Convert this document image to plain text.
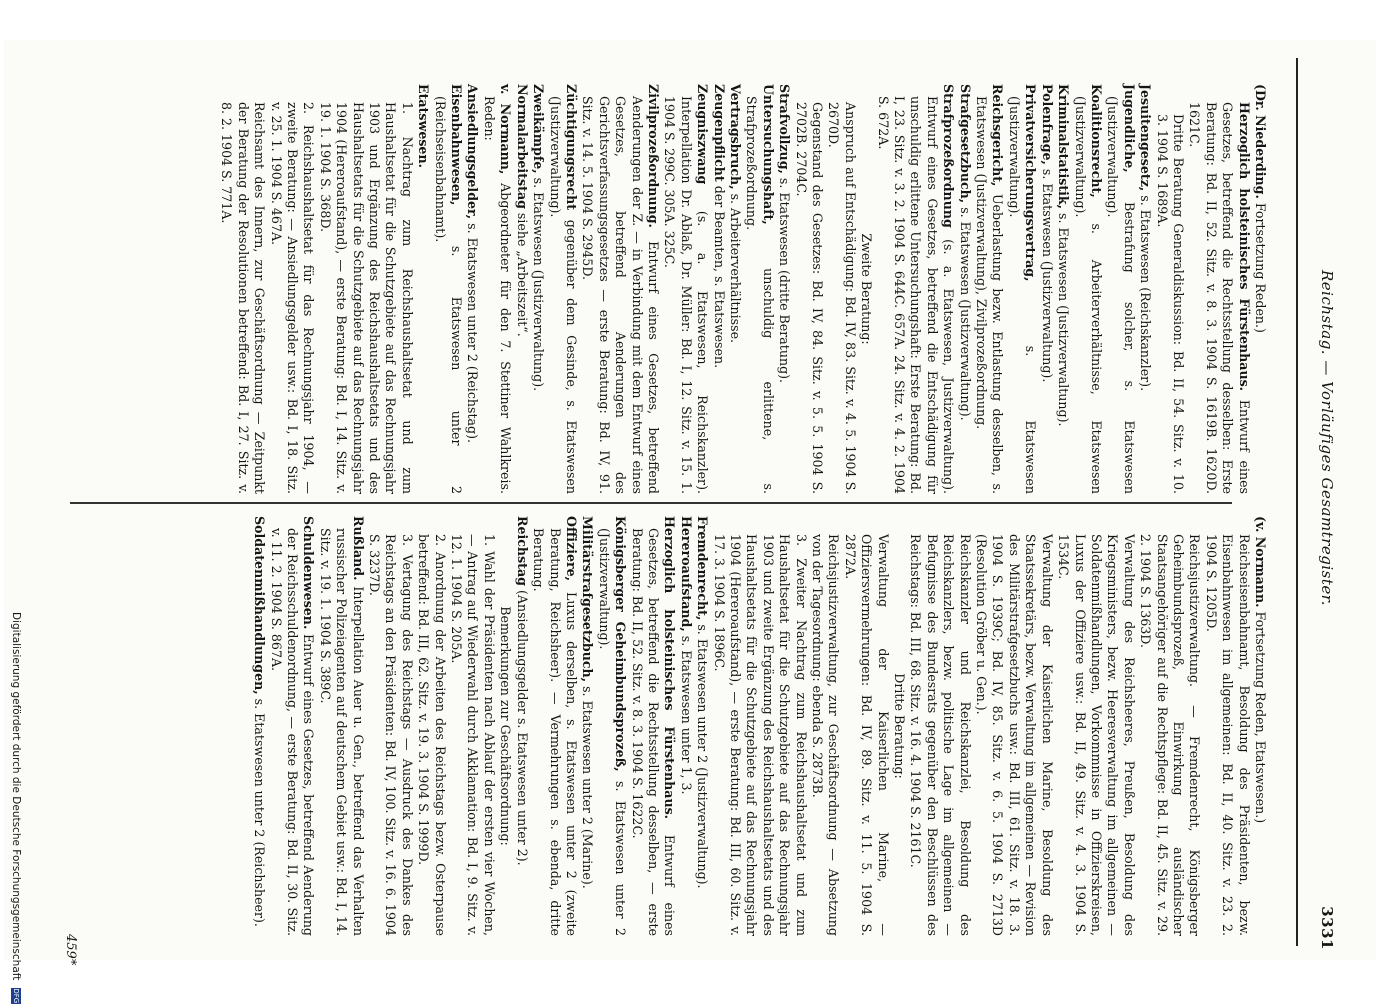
Reichstag. — Vorläufiges Gesamtregister.
3331

(Dr. Niederding. Fortsetzung Reden.)

Herzoglich holsteinisches Fürstenhaus. Entwurf eines Gesetzes, betreffend die Rechtsstellung desselben: Erste Beratung: Bd. II, 52. Sitz. v. 8. 3. 1904 S. 1619B. 1620D. 1621C.

Dritte Beratung Generaldiskussion: Bd. II, 54. Sitz. v. 10. 3. 1904 S. 1689A.

Jesuitengesetz, s. Etatswesen (Reichskanzler).

Jugendliche, Bestrafung solcher, s. Etatswesen (Justizverwaltung).

Koalitionsrecht, s. Arbeiterverhältnisse, Etatswesen (Justizverwaltung).

Kriminalstatistik, s. Etatswesen (Justizverwaltung).

Polenfrage, s. Etatswesen (Justizverwaltung).

Privatversicherungsvertrag, s. Etatswesen (Justizverwaltung).

Reichsgericht, Ueberlastung bezw. Entlastung desselben, s. Etatswesen (Justizverwaltung), Zivilprozeßordnung.

Strafgesetzbuch, s. Etatswesen (Justizverwaltung).

Strafprozeßordnung (s. a. Etatswesen, Justizverwaltung). Entwurf eines Gesetzes, betreffend die Entschädigung für unschuldig erlittene Untersuchungshaft: Erste Beratung: Bd. I, 23. Sitz. v. 3. 2. 1904 S. 644C. 657A. 24. Sitz. v. 4. 2. 1904 S. 672A.

Zweite Beratung:

Anspruch auf Entschädigung: Bd. IV, 83. Sitz. v. 4. 5. 1904 S. 2670D.

Gegenstand des Gesetzes: Bd. IV, 84. Sitz. v. 5. 5. 1904 S. 2702B. 2704C.

Strafvollzug, s. Etatswesen (dritte Beratung).

Untersuchungshaft, unschuldig erlittene, s. Strafprozeßordnung.

Vertragsbruch, s. Arbeiterverhältnisse.

Zeugenpflicht der Beamten, s. Etatswesen.

Zeugniszwang (s. a. Etatswesen, Reichskanzler). Interpellation Dr. Ablaß, Dr. Müller: Bd. I, 12. Sitz. v. 15. 1. 1904 S. 299C. 305A. 325C.

Zivilprozeßordnung. Entwurf eines Gesetzes, betreffend Aenderungen der Z. — in Verbindung mit dem Entwurf eines Gesetzes, betreffend Aenderungen des Gerichtsverfassungsgesetzes — erste Beratung: Bd. IV, 91. Sitz. v. 14. 5. 1904 S. 2945D.

Züchtigungsrecht gegenüber dem Gesinde, s. Etatswesen (Justizverwaltung).

Zweikämpfe, s. Etatswesen (Justizverwaltung).

Normalarbeitstag siehe „Arbeitszeit“.

v. Normann, Abgeordneter für den 7. Stettiner Wahlkreis. Reden:

Ansiedlungsgelder, s. Etatswesen unter 2 (Reichstag).

Eisenbahnwesen, s. Etatswesen unter 2 (Reichseisenbahnamt).

Etatswesen.

1. Nachtrag zum Reichshaushaltsetat und zum Haushaltsetat für die Schutzgebiete auf das Rechnungsjahr 1903 und Ergänzung des Reichshaushaltsetats und des Haushaltsetats für die Schutzgebiete auf das Rechnungsjahr 1904 (Hereroaufstand), — erste Beratung: Bd. I, 14. Sitz. v. 19. 1. 1904 S. 368D.

2. Reichshaushaltsetat für das Rechnungsjahr 1904, — zweite Beratung: — Ansiedlungsgelder usw.: Bd. I, 18. Sitz. v. 25. 1. 1904 S. 467A.

Reichsamt des Innern, zur Geschäftsordnung — Zeitpunkt der Beratung der Resolutionen betreffend: Bd. I, 27. Sitz. v. 8. 2. 1904 S. 771A.

(v. Normann. Fortsetzung Reden, Etatswesen.)

Reichseisenbahnamt, Besoldung des Präsidenten, bezw. Eisenbahnwesen im allgemeinen: Bd. II, 40. Sitz. v. 23. 2. 1904 S. 1205D.

Reichsjustizverwaltung. — Fremdenrecht, Königsberger Geheimbundsprozeß, Einwirkung ausländischer Staatsangehöriger auf die Rechtspflege: Bd. II, 45. Sitz. v. 29. 2. 1904 S. 1363D.

Verwaltung des Reichsheeres, Preußen, Besoldung des Kriegsministers, bezw. Heeresverwaltung im allgemeinen — Soldatenmißhandlungen, Vorkommnisse in Offizierskreisen, Luxus der Offiziere usw.: Bd. II, 49. Sitz. v. 4. 3. 1904 S. 1534C.

Verwaltung der Kaiserlichen Marine, Besoldung des Staatssekretärs, bezw. Verwaltung im allgemeinen — Revision des Militärstrafgesetzbuchs usw.: Bd. III, 61. Sitz. v. 18. 3. 1904 S. 1939C; Bd. IV, 85. Sitz. v. 6. 5. 1904 S. 2713D (Resolution Gröber u. Gen.).

Reichskanzler und Reichskanzlei, Besoldung des Reichskanzlers, bezw. politische Lage im allgemeinen — Befugnisse des Bundesrats gegenüber den Beschlüssen des Reichstags: Bd. III, 68. Sitz. v. 16. 4. 1904 S. 2161C.

Dritte Beratung:

Verwaltung der Kaiserlichen Marine, — Offiziersvermehrungen: Bd. IV, 89. Sitz. v. 11. 5. 1904 S. 2872A.

Reichsjustizverwaltung, zur Geschäftsordnung — Absetzung von der Tagesordnung: ebenda S. 2873B.

3. Zweiter Nachtrag zum Reichshaushaltsetat und zum Haushaltsetat für die Schutzgebiete auf das Rechnungsjahr 1903 und zweite Ergänzung des Reichshaushaltsetats und des Haushaltsetats für die Schutzgebiete auf das Rechnungsjahr 1904 (Hereroaufstand), — erste Beratung: Bd. III, 60. Sitz. v. 17. 3. 1904 S. 1896C.

Fremdenrecht, s. Etatswesen unter 2 (Justizverwaltung).

Hereroaufstand, s. Etatswesen unter 1, 3.

Herzoglich holsteinisches Fürstenhaus. Entwurf eines Gesetzes, betreffend die Rechtsstellung desselben, — erste Beratung: Bd. II, 52. Sitz. v. 8. 3. 1904 S. 1622C.

Königsberger Geheimbundsprozeß, s. Etatswesen unter 2 (Justizverwaltung).

Militärstrafgesetzbuch, s. Etatswesen unter 2 (Marine).

Offiziere, Luxus derselben, s. Etatswesen unter 2 (zweite Beratung, Reichsheer). — Vermehrungen s. ebenda, dritte Beratung.

Reichstag (Ansiedlungsgelder s. Etatswesen unter 2).

Bemerkungen zur Geschäftsordnung:

1. Wahl der Präsidenten nach Ablauf der ersten vier Wochen, — Antrag auf Wiederwahl durch Akklamation: Bd. I, 9. Sitz. v. 12. 1. 1904 S. 205A.

2. Anordnung der Arbeiten des Reichstags bezw. Osterpause betreffend: Bd. III, 62. Sitz. v. 19. 3. 1904 S. 1999D.

3. Vertagung des Reichstags — Ausdruck des Dankes des Reichstags an den Präsidenten: Bd. IV, 100. Sitz. v. 16. 6. 1904 S. 3237D.

Rußland. Interpellation Auer u. Gen., betreffend das Verhalten russischer Polizeiagenten auf deutschem Gebiet usw.: Bd. I, 14. Sitz. v. 19. 1. 1904 S. 389C.

Schuldenwesen. Entwurf eines Gesetzes, betreffend Aenderung der Reichsschuldenordnung, — erste Beratung: Bd. II, 30. Sitz. v. 11. 2. 1904 S. 867A.

Soldatenmißhandlungen, s. Etatswesen unter 2 (Reichsheer).

Digitalisierung gefördert durch die Deutsche Forschungsgemeinschaft DFG
459*
